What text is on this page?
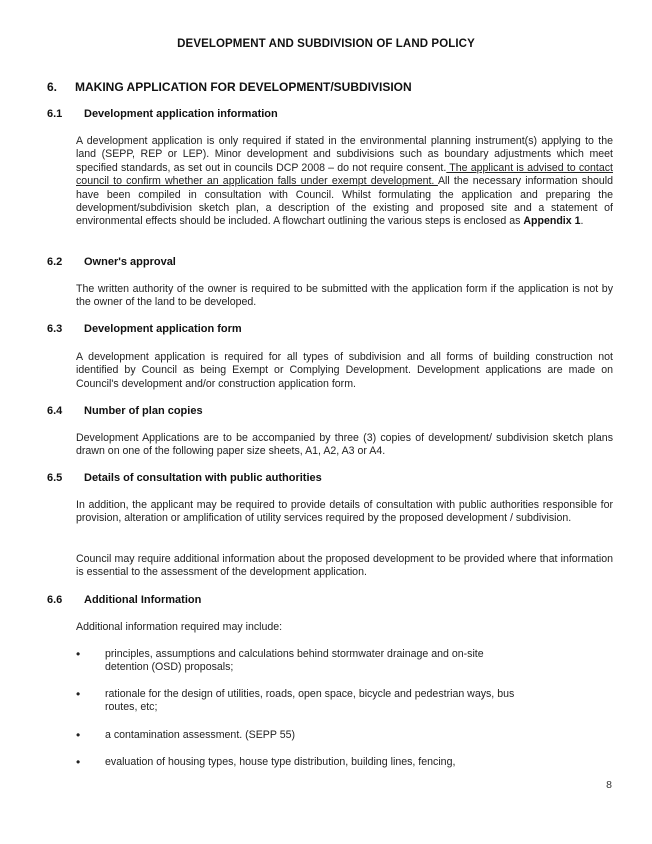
DEVELOPMENT AND SUBDIVISION OF LAND POLICY
6. MAKING APPLICATION FOR DEVELOPMENT/SUBDIVISION
6.1 Development application information
A development application is only required if stated in the environmental planning instrument(s) applying to the land (SEPP, REP or LEP). Minor development and subdivisions such as boundary adjustments which meet specified standards, as set out in councils DCP 2008 – do not require consent. The applicant is advised to contact council to confirm whether an application falls under exempt development. All the necessary information should have been compiled in consultation with Council. Whilst formulating the application and preparing the development/subdivision sketch plan, a description of the existing and proposed site and a statement of environmental effects should be included. A flowchart outlining the various steps is enclosed as Appendix 1.
6.2 Owner's approval
The written authority of the owner is required to be submitted with the application form if the application is not by the owner of the land to be developed.
6.3 Development application form
A development application is required for all types of subdivision and all forms of building construction not identified by Council as being Exempt or Complying Development. Development applications are made on Council's development and/or construction application form.
6.4 Number of plan copies
Development Applications are to be accompanied by three (3) copies of development/ subdivision sketch plans drawn on one of the following paper size sheets, A1, A2, A3 or A4.
6.5 Details of consultation with public authorities
In addition, the applicant may be required to provide details of consultation with public authorities responsible for provision, alteration or amplification of utility services required by the proposed development / subdivision.
Council may require additional information about the proposed development to be provided where that information is essential to the assessment of the development application.
6.6 Additional Information
Additional information required may include:
•	principles, assumptions and calculations behind stormwater drainage and on-site detention (OSD) proposals;
•	rationale for the design of utilities, roads, open space, bicycle and pedestrian ways, bus routes, etc;
•	a contamination assessment. (SEPP 55)
•	evaluation of housing types, house type distribution, building lines, fencing,
8
